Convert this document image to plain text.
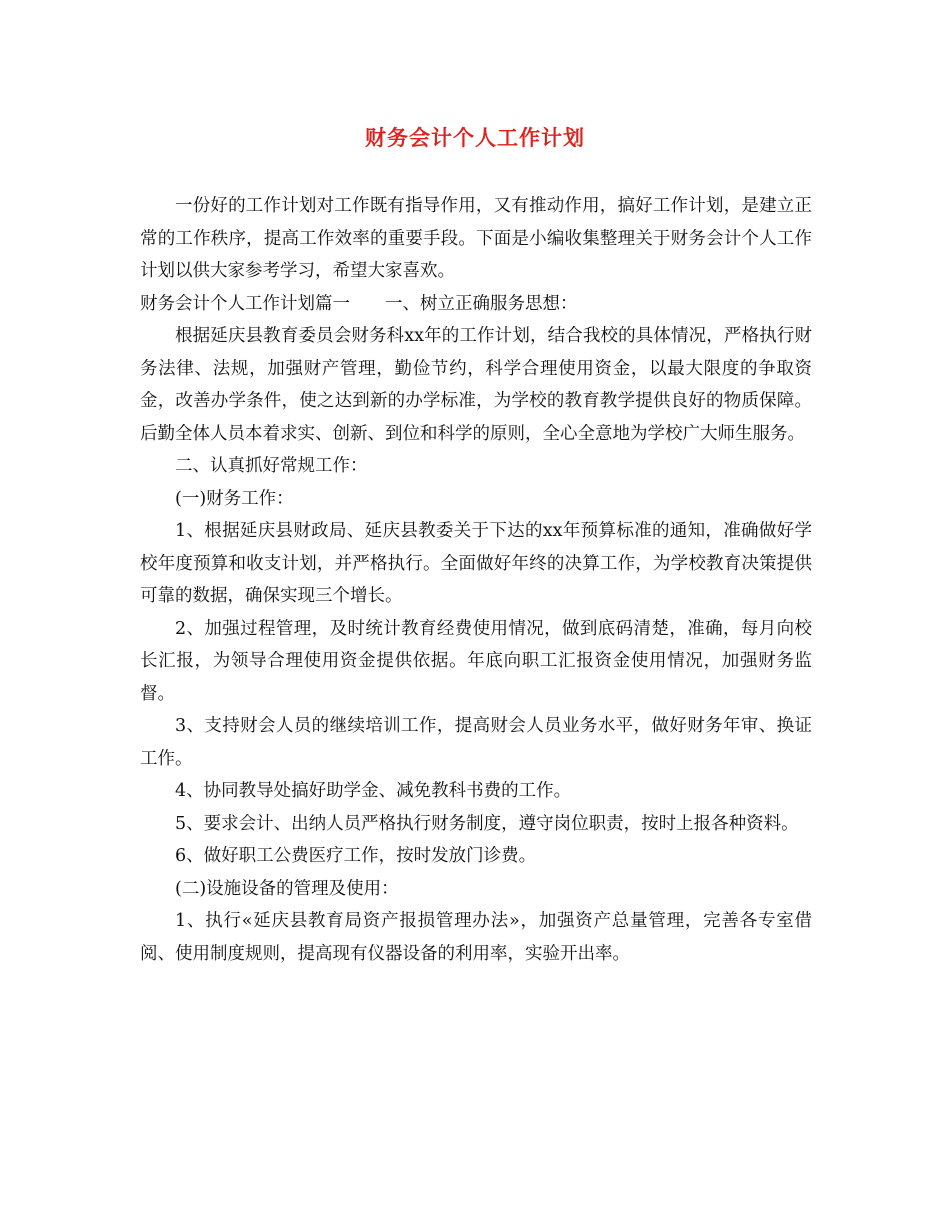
财务会计个人工作计划

一份好的工作计划对工作既有指导作用，又有推动作用，搞好工作计划，是建立正常的工作秩序，提高工作效率的重要手段。下面是小编收集整理关于财务会计个人工作计划以供大家参考学习，希望大家喜欢。

财务会计个人工作计划篇一　　一、树立正确服务思想：

根据延庆县教育委员会财务科xx年的工作计划，结合我校的具体情况，严格执行财务法律、法规，加强财产管理，勤俭节约，科学合理使用资金，以最大限度的争取资金，改善办学条件，使之达到新的办学标准，为学校的教育教学提供良好的物质保障。后勤全体人员本着求实、创新、到位和科学的原则，全心全意地为学校广大师生服务。

二、认真抓好常规工作：

(一)财务工作：

1、根据延庆县财政局、延庆县教委关于下达的xx年预算标准的通知，准确做好学校年度预算和收支计划，并严格执行。全面做好年终的决算工作，为学校教育决策提供可靠的数据，确保实现三个增长。

2、加强过程管理，及时统计教育经费使用情况，做到底码清楚，准确，每月向校长汇报，为领导合理使用资金提供依据。年底向职工汇报资金使用情况，加强财务监督。

3、支持财会人员的继续培训工作，提高财会人员业务水平，做好财务年审、换证工作。

4、协同教导处搞好助学金、减免教科书费的工作。

5、要求会计、出纳人员严格执行财务制度，遵守岗位职责，按时上报各种资料。

6、做好职工公费医疗工作，按时发放门诊费。

(二)设施设备的管理及使用：

1、执行«延庆县教育局资产报损管理办法»，加强资产总量管理，完善各专室借阅、使用制度规则，提高现有仪器设备的利用率，实验开出率。
